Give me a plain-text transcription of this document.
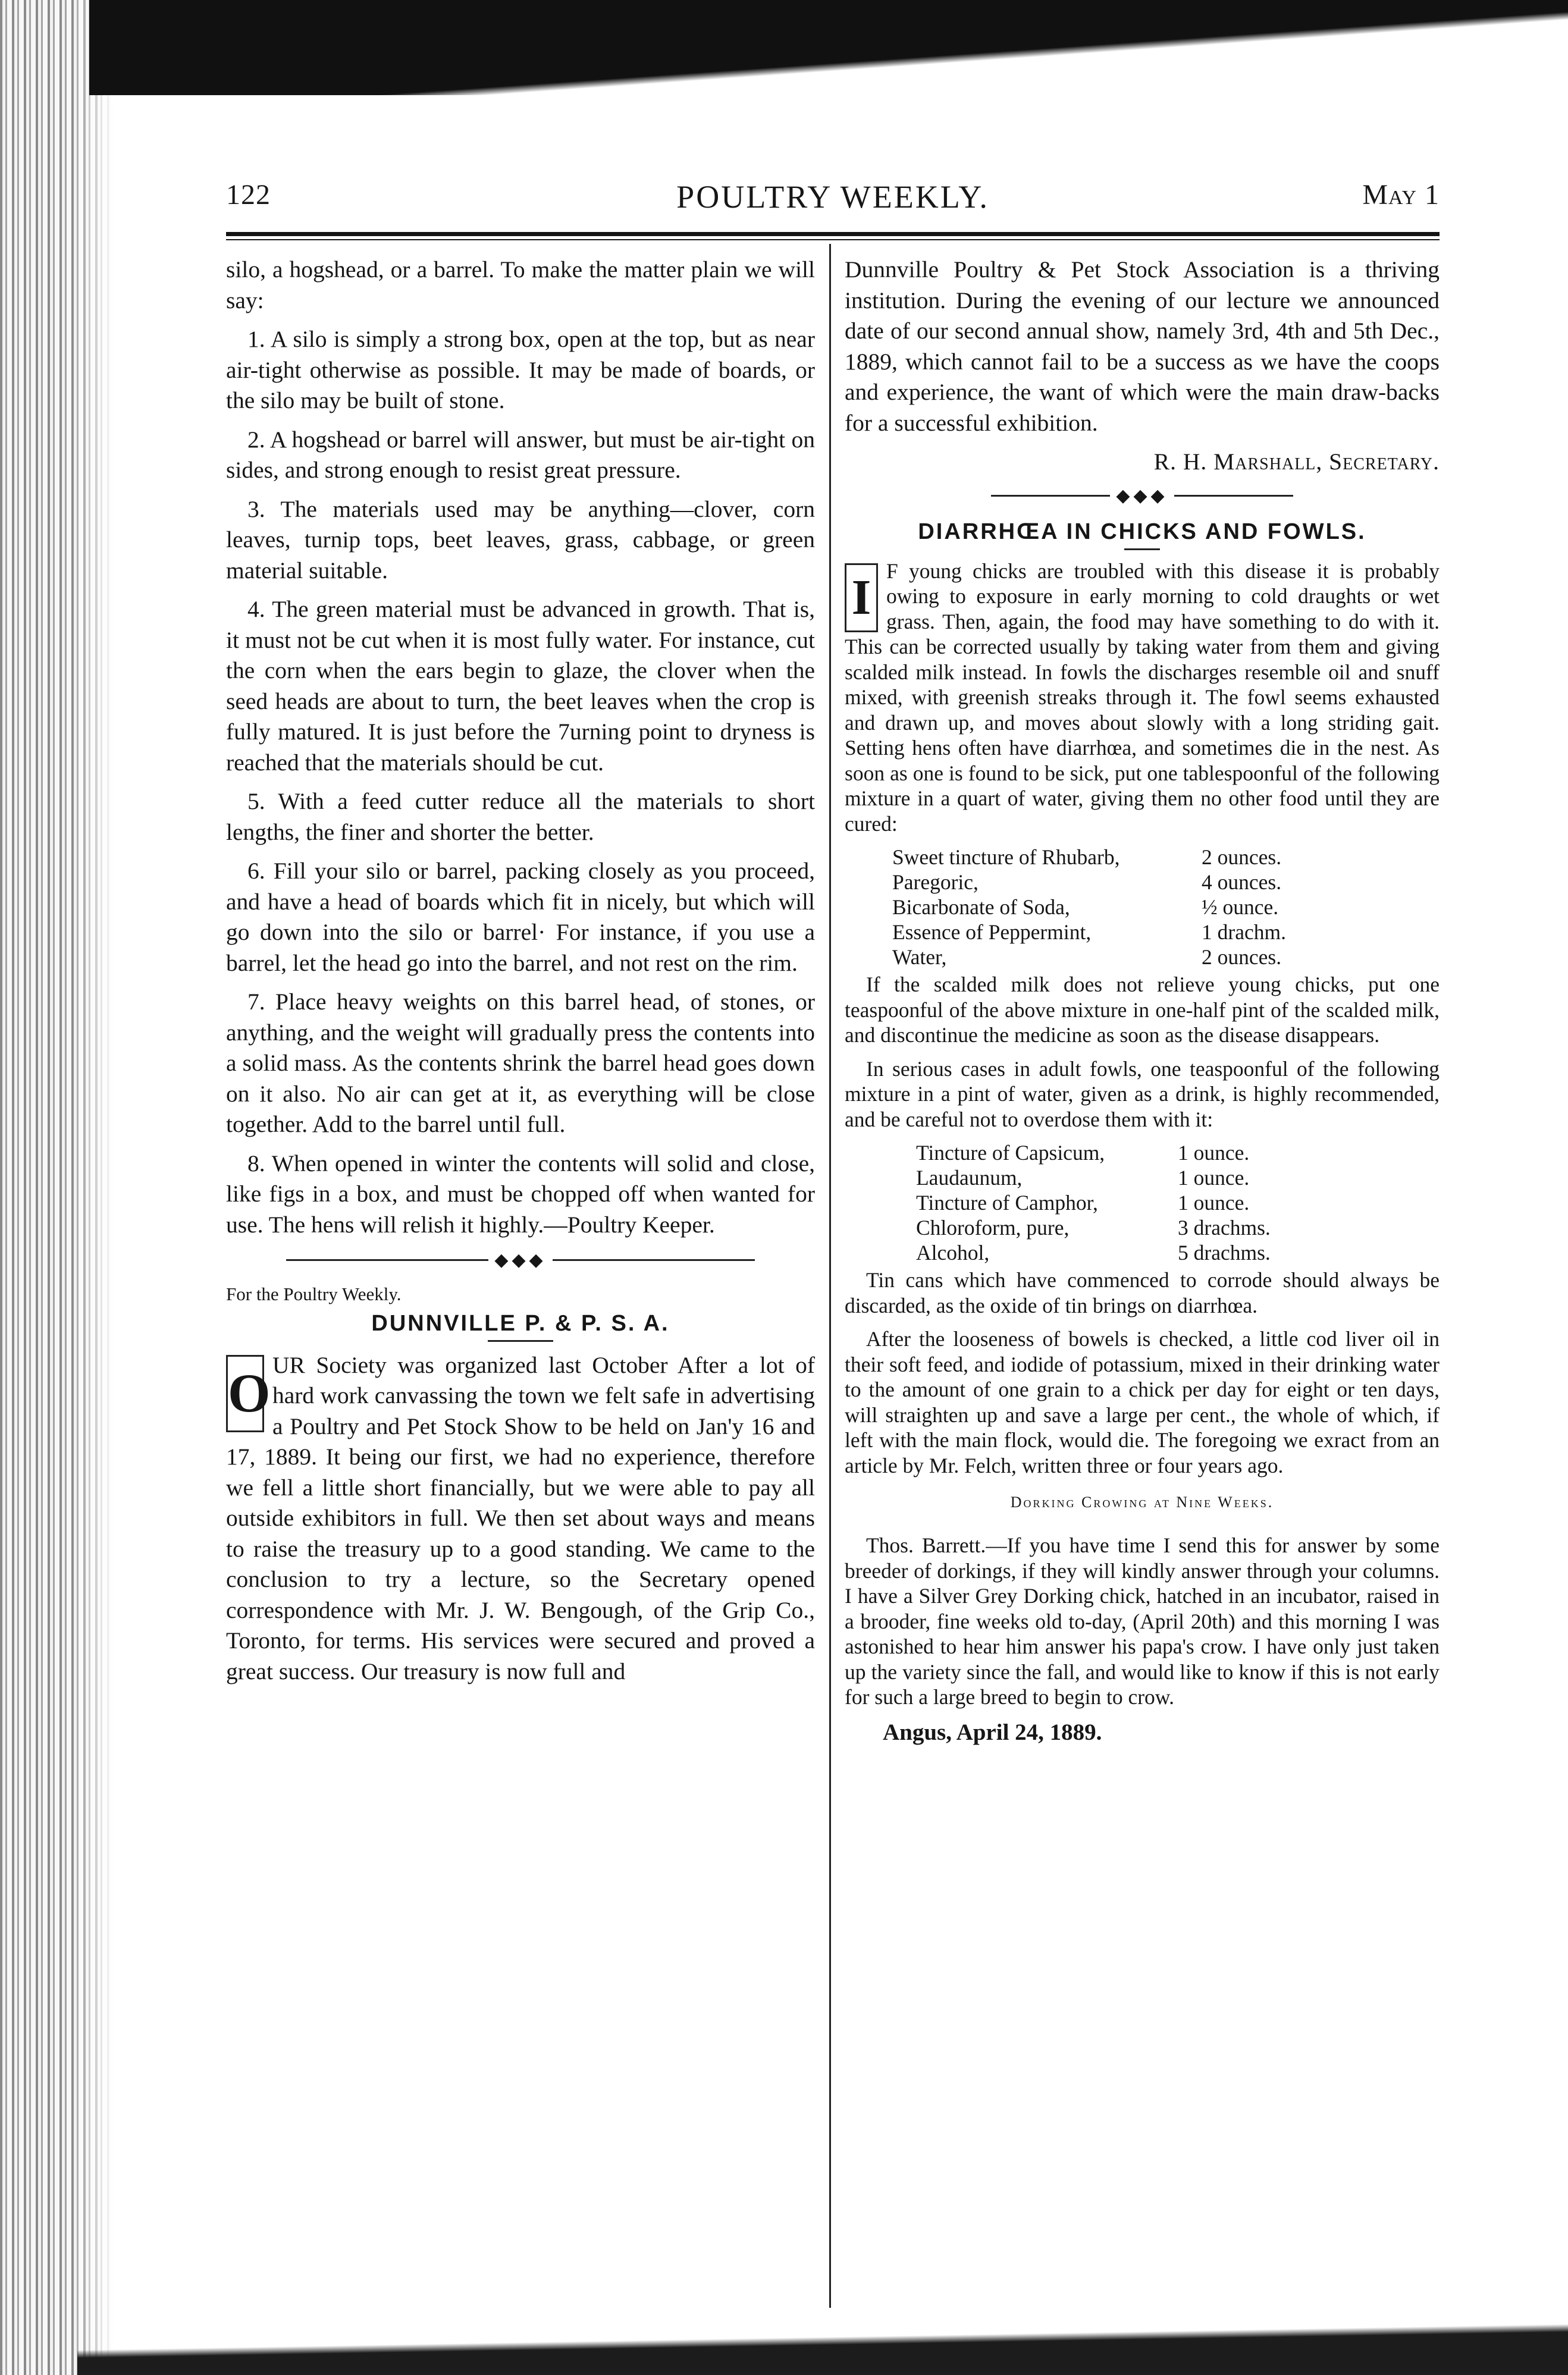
122	POULTRY WEEKLY.	May 1

silo, a hogshead, or a barrel. To make the matter plain we will say:

1. A silo is simply a strong box, open at the top, but as near air-tight otherwise as possible. It may be made of boards, or the silo may be built of stone.

2. A hogshead or barrel will answer, but must be air-tight on sides, and strong enough to resist great pressure.

3. The materials used may be anything—clover, corn leaves, turnip tops, beet leaves, grass, cabbage, or green material suitable.

4. The green material must be advanced in growth. That is, it must not be cut when it is most fully water. For instance, cut the corn when the ears begin to glaze, the clover when the seed heads are about to turn, the beet leaves when the crop is fully matured. It is just before the 7urning point to dryness is reached that the materials should be cut.

5. With a feed cutter reduce all the materials to short lengths, the finer and shorter the better.

6. Fill your silo or barrel, packing closely as you proceed, and have a head of boards which fit in nicely, but which will go down into the silo or barrel· For instance, if you use a barrel, let the head go into the barrel, and not rest on the rim.

7. Place heavy weights on this barrel head, of stones, or anything, and the weight will gradually press the contents into a solid mass. As the contents shrink the barrel head goes down on it also. No air can get at it, as everything will be close together. Add to the barrel until full.

8. When opened in winter the contents will solid and close, like figs in a box, and must be chopped off when wanted for use. The hens will relish it highly.—Poultry Keeper.

◆◆◆

For the Poultry Weekly.

DUNNVILLE P. & P. S. A.
O UR Society was organized last October After a lot of hard work canvassing the town we felt safe in advertising a Poultry and Pet Stock Show to be held on Jan'y 16 and 17, 1889. It being our first, we had no experience, therefore we fell a little short financially, but we were able to pay all outside exhibitors in full. We then set about ways and means to raise the treasury up to a good standing. We came to the conclusion to try a lecture, so the Secretary opened correspondence with Mr. J. W. Bengough, of the Grip Co., Toronto, for terms. His services were secured and proved a great success. Our treasury is now full and

Dunnville Poultry & Pet Stock Association is a thriving institution. During the evening of our lecture we announced date of our second annual show, namely 3rd, 4th and 5th Dec., 1889, which cannot fail to be a success as we have the coops and experience, the want of which were the main draw-backs for a successful exhibition.

R. H. Marshall, Secretary.

◆◆◆
DIARRHŒA IN CHICKS AND FOWLS.
I F young chicks are troubled with this disease it is probably owing to exposure in early morning to cold draughts or wet grass. Then, again, the food may have something to do with it. This can be corrected usually by taking water from them and giving scalded milk instead. In fowls the discharges resemble oil and snuff mixed, with greenish streaks through it. The fowl seems exhausted and drawn up, and moves about slowly with a long striding gait. Setting hens often have diarrhœa, and sometimes die in the nest. As soon as one is found to be sick, put one tablespoonful of the following mixture in a quart of water, giving them no other food until they are cured:

Sweet tincture of Rhubarb,	2 ounces.
Paregoric,	4 ounces.
Bicarbonate of Soda,	½ ounce.
Essence of Peppermint,	1 drachm.
Water,	2 ounces.

If the scalded milk does not relieve young chicks, put one teaspoonful of the above mixture in one-half pint of the scalded milk, and discontinue the medicine as soon as the disease disappears.

In serious cases in adult fowls, one teaspoonful of the following mixture in a pint of water, given as a drink, is highly recommended, and be careful not to overdose them with it:

Tincture of Capsicum,	1 ounce.
Laudaunum,	1 ounce.
Tincture of Camphor,	1 ounce.
Chloroform, pure,	3 drachms.
Alcohol,	5 drachms.

Tin cans which have commenced to corrode should always be discarded, as the oxide of tin brings on diarrhœa.

After the looseness of bowels is checked, a little cod liver oil in their soft feed, and iodide of potassium, mixed in their drinking water to the amount of one grain to a chick per day for eight or ten days, will straighten up and save a large per cent., the whole of which, if left with the main flock, would die. The foregoing we exract from an article by Mr. Felch, written three or four years ago.

Dorking Crowing at Nine Weeks.

Thos. Barrett.—If you have time I send this for answer by some breeder of dorkings, if they will kindly answer through your columns. I have a Silver Grey Dorking chick, hatched in an incubator, raised in a brooder, fine weeks old to-day, (April 20th) and this morning I was astonished to hear him answer his papa's crow. I have only just taken up the variety since the fall, and would like to know if this is not early for such a large breed to begin to crow.

Angus, April 24, 1889.
